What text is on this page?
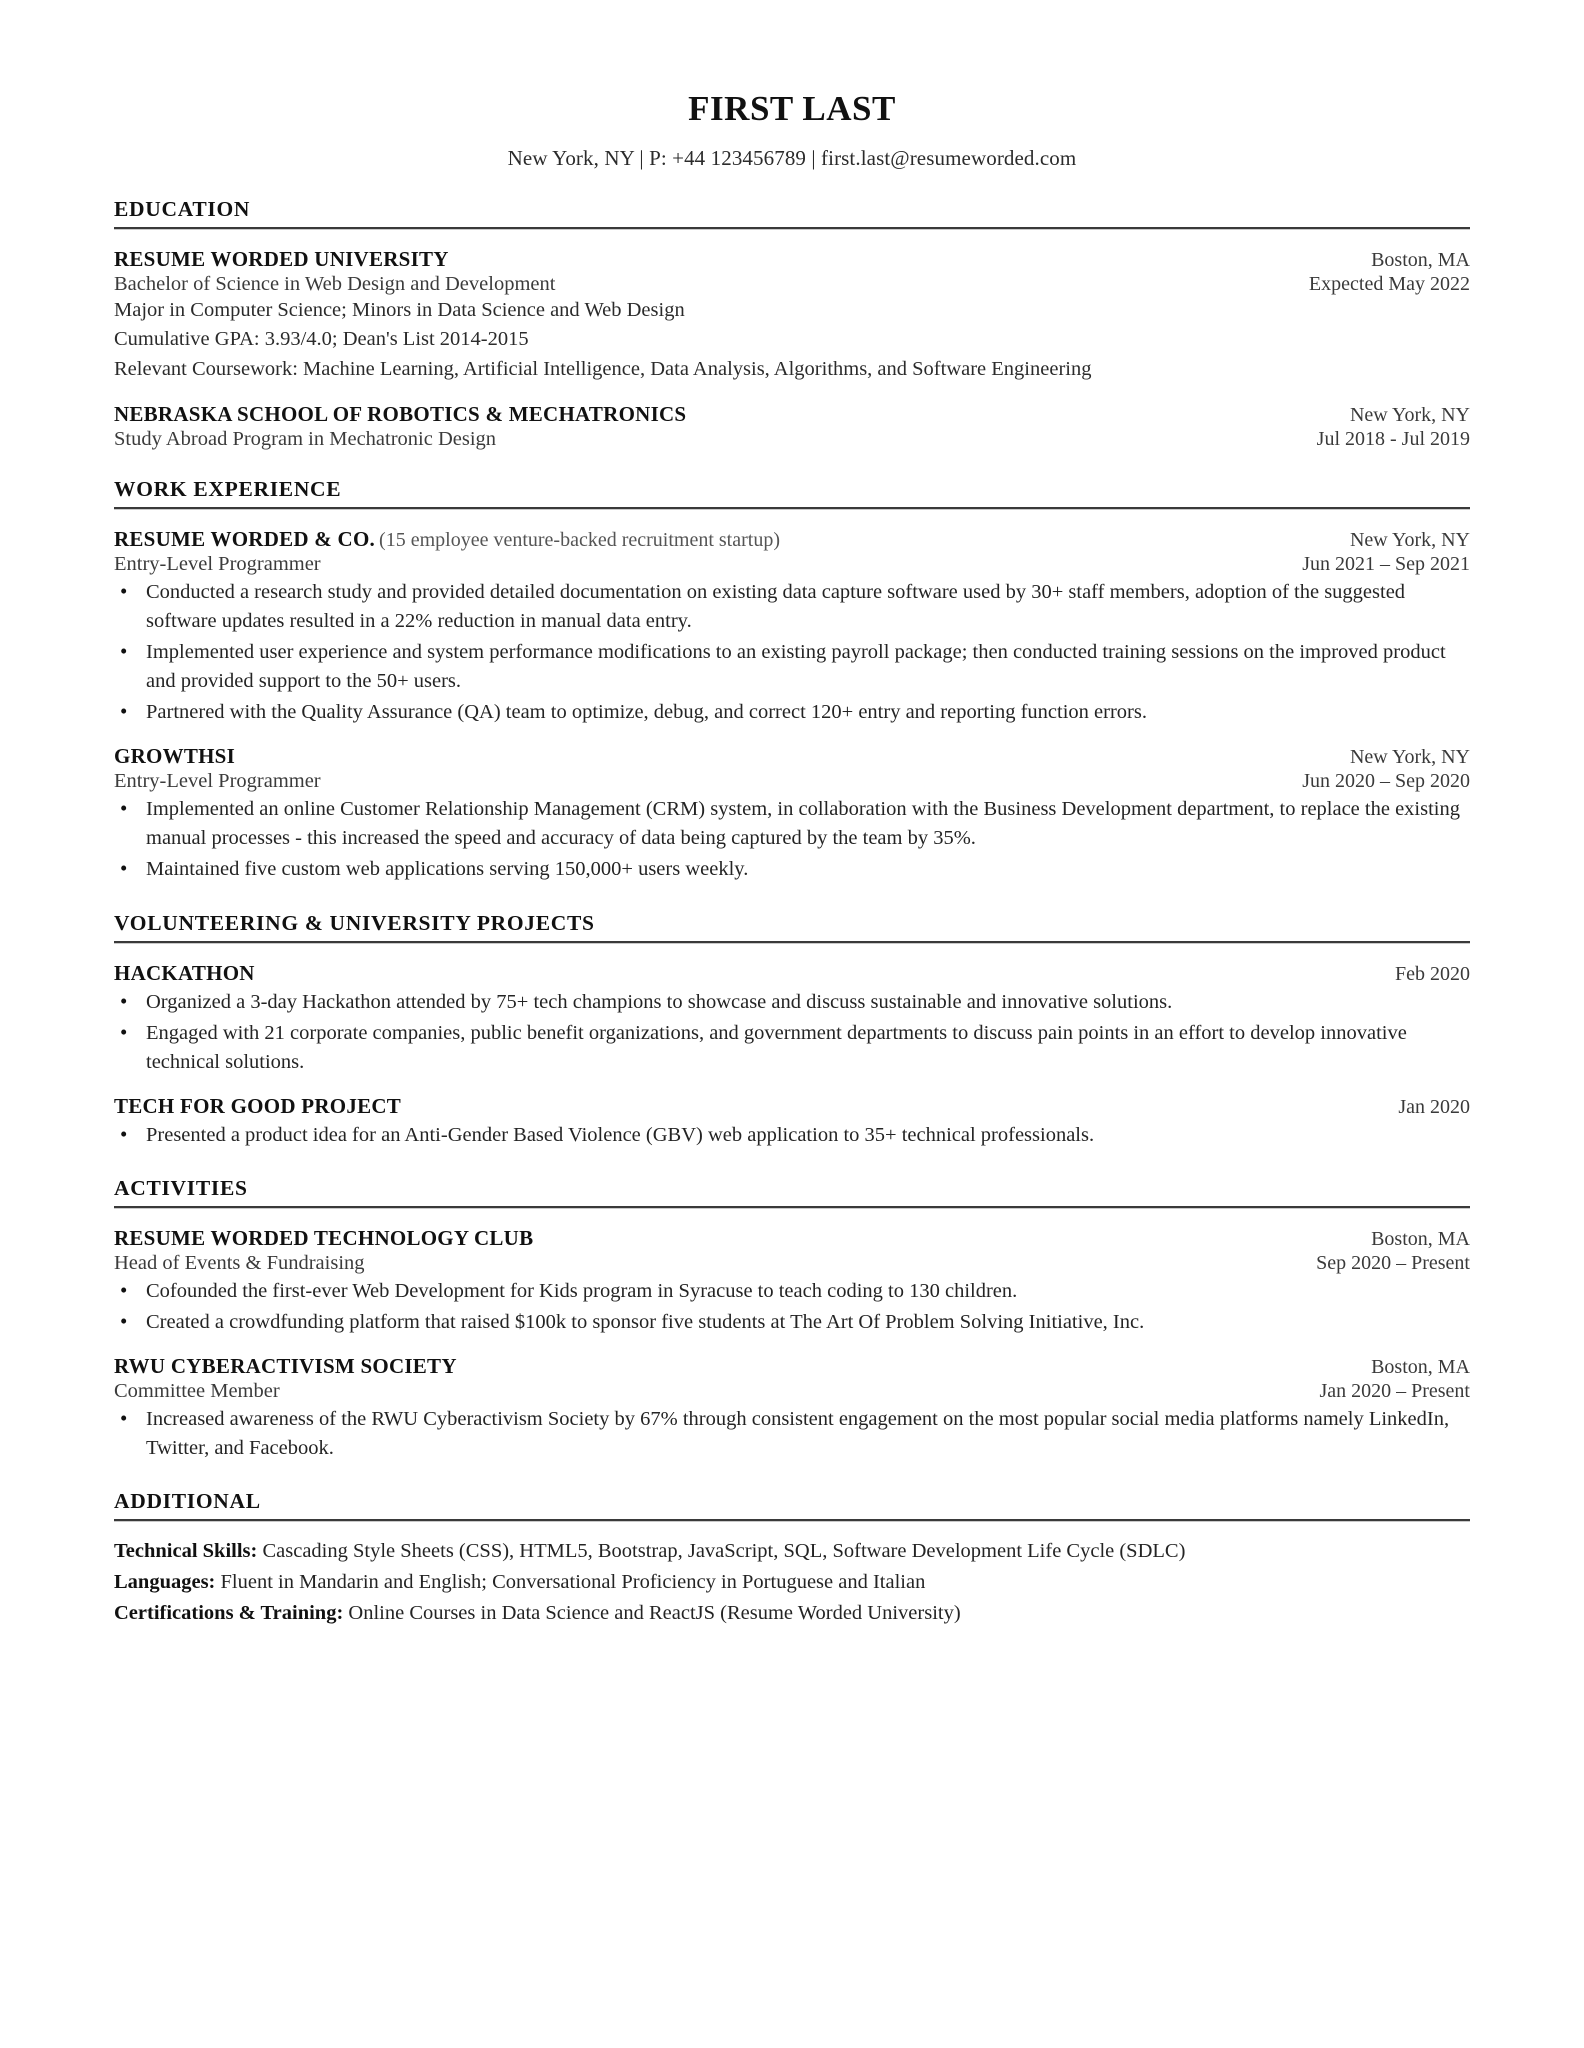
FIRST LAST
New York, NY | P: +44 123456789 | first.last@resumeworded.com
EDUCATION
RESUME WORDED UNIVERSITY	Boston, MA
Bachelor of Science in Web Design and Development	Expected May 2022
Major in Computer Science; Minors in Data Science and Web Design
Cumulative GPA: 3.93/4.0; Dean's List 2014-2015
Relevant Coursework: Machine Learning, Artificial Intelligence, Data Analysis, Algorithms, and Software Engineering
NEBRASKA SCHOOL OF ROBOTICS & MECHATRONICS	New York, NY
Study Abroad Program in Mechatronic Design	Jul 2018 - Jul 2019
WORK EXPERIENCE
RESUME WORDED & CO. (15 employee venture-backed recruitment startup)	New York, NY
Entry-Level Programmer	Jun 2021 – Sep 2021
• Conducted a research study and provided detailed documentation on existing data capture software used by 30+ staff members, adoption of the suggested software updates resulted in a 22% reduction in manual data entry.
• Implemented user experience and system performance modifications to an existing payroll package; then conducted training sessions on the improved product and provided support to the 50+ users.
• Partnered with the Quality Assurance (QA) team to optimize, debug, and correct 120+ entry and reporting function errors.
GROWTHSI	New York, NY
Entry-Level Programmer	Jun 2020 – Sep 2020
• Implemented an online Customer Relationship Management (CRM) system, in collaboration with the Business Development department, to replace the existing manual processes - this increased the speed and accuracy of data being captured by the team by 35%.
• Maintained five custom web applications serving 150,000+ users weekly.
VOLUNTEERING & UNIVERSITY PROJECTS
HACKATHON	Feb 2020
• Organized a 3-day Hackathon attended by 75+ tech champions to showcase and discuss sustainable and innovative solutions.
• Engaged with 21 corporate companies, public benefit organizations, and government departments to discuss pain points in an effort to develop innovative technical solutions.
TECH FOR GOOD PROJECT	Jan 2020
• Presented a product idea for an Anti-Gender Based Violence (GBV) web application to 35+ technical professionals.
ACTIVITIES
RESUME WORDED TECHNOLOGY CLUB	Boston, MA
Head of Events & Fundraising	Sep 2020 – Present
• Cofounded the first-ever Web Development for Kids program in Syracuse to teach coding to 130 children.
• Created a crowdfunding platform that raised $100k to sponsor five students at The Art Of Problem Solving Initiative, Inc.
RWU CYBERACTIVISM SOCIETY	Boston, MA
Committee Member	Jan 2020 – Present
• Increased awareness of the RWU Cyberactivism Society by 67% through consistent engagement on the most popular social media platforms namely LinkedIn, Twitter, and Facebook.
ADDITIONAL
Technical Skills: Cascading Style Sheets (CSS), HTML5, Bootstrap, JavaScript, SQL, Software Development Life Cycle (SDLC)
Languages: Fluent in Mandarin and English; Conversational Proficiency in Portuguese and Italian
Certifications & Training: Online Courses in Data Science and ReactJS (Resume Worded University)
